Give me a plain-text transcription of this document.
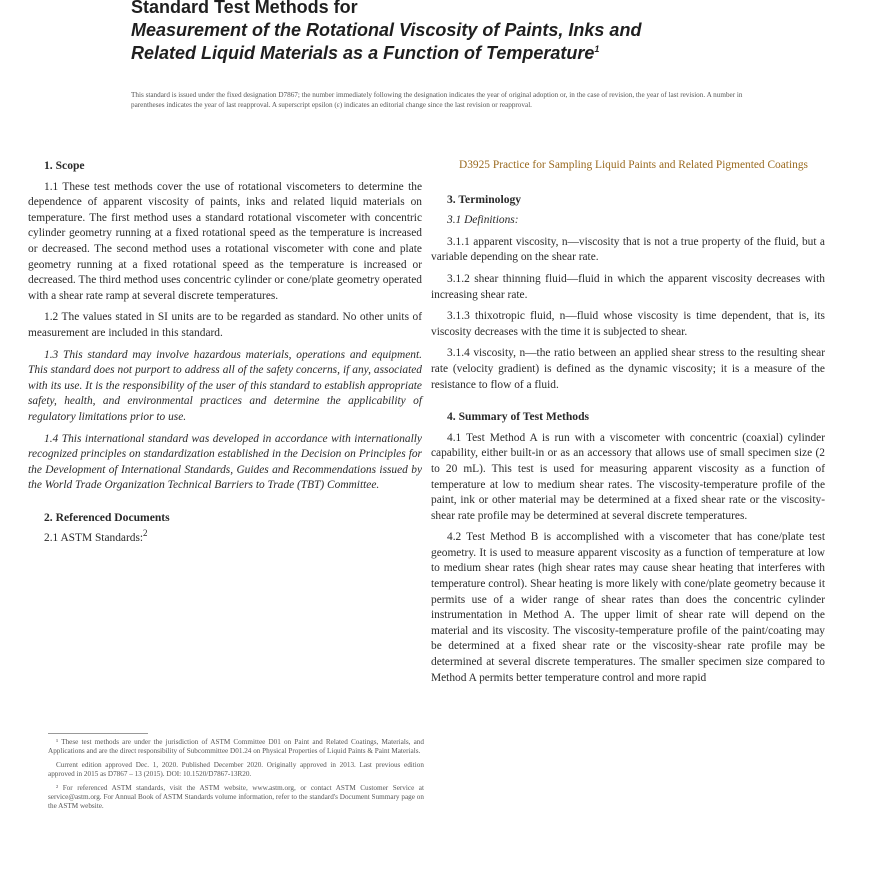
Standard Test Methods for
Measurement of the Rotational Viscosity of Paints, Inks and
Related Liquid Materials as a Function of Temperature$^1$
This standard is issued under the fixed designation D7867; the number immediately following the designation indicates the year of original adoption or, in the case of revision, the year of last revision. A number in parentheses indicates the year of last reapproval. A superscript epsilon (ε) indicates an editorial change since the last revision or reapproval.
1. Scope

1.1 These test methods cover the use of rotational viscometers to determine the dependence of apparent viscosity of paints, inks and related liquid materials on temperature. The first method uses a standard rotational viscometer with concentric cylinder geometry running at a fixed rotational speed as the temperature is increased or decreased. The second method uses a rotational viscometer with cone and plate geometry running at a fixed rotational speed as the temperature is increased or decreased. The third method uses concentric cylinder or cone/plate geometry operated with a shear rate ramp at several discrete temperatures.

1.2 The values stated in SI units are to be regarded as standard. No other units of measurement are included in this standard.

1.3 This standard may involve hazardous materials, operations and equipment. This standard does not purport to address all of the safety concerns, if any, associated with its use. It is the responsibility of the user of this standard to establish appropriate safety, health, and environmental practices and determine the applicability of regulatory limitations prior to use.

1.4 This international standard was developed in accordance with internationally recognized principles on standardization established in the Decision on Principles for the Development of International Standards, Guides and Recommendations issued by the World Trade Organization Technical Barriers to Trade (TBT) Committee.

2. Referenced Documents

2.1 ASTM Standards:$^2$

¹ These test methods are under the jurisdiction of ASTM Committee D01 on Paint and Related Coatings, Materials, and Applications and are the direct responsibility of Subcommittee D01.24 on Physical Properties of Liquid Paints & Paint Materials.

Current edition approved Dec. 1, 2020. Published December 2020. Originally approved in 2013. Last previous edition approved in 2015 as D7867 – 13 (2015). DOI: 10.1520/D7867-13R20.

² For referenced ASTM standards, visit the ASTM website, www.astm.org, or contact ASTM Customer Service at service@astm.org. For Annual Book of ASTM Standards volume information, refer to the standard's Document Summary page on the ASTM website.

D3925 Practice for Sampling Liquid Paints and Related Pigmented Coatings

3. Terminology

3.1 Definitions:

3.1.1 apparent viscosity, n—viscosity that is not a true property of the fluid, but a variable depending on the shear rate.

3.1.2 shear thinning fluid—fluid in which the apparent viscosity decreases with increasing shear rate.

3.1.3 thixotropic fluid, n—fluid whose viscosity is time dependent, that is, its viscosity decreases with the time it is subjected to shear.

3.1.4 viscosity, n—the ratio between an applied shear stress to the resulting shear rate (velocity gradient) is defined as the dynamic viscosity; it is a measure of the resistance to flow of a fluid.

4. Summary of Test Methods

4.1 Test Method A is run with a viscometer with concentric (coaxial) cylinder capability, either built-in or as an accessory that allows use of small specimen size (2 to 20 mL). This test is used for measuring apparent viscosity as a function of temperature at low to medium shear rates. The viscosity-temperature profile of the paint, ink or other material may be determined at a fixed shear rate or the viscosity-shear rate profile may be determined at several discrete temperatures.

4.2 Test Method B is accomplished with a viscometer that has cone/plate test geometry. It is used to measure apparent viscosity as a function of temperature at low to medium shear rates (high shear rates may cause shear heating that interferes with temperature control). Shear heating is more likely with cone/plate geometry because it permits use of a wider range of shear rates than does the concentric cylinder instrumentation in Method A. The upper limit of shear rate will depend on the material and its viscosity. The viscosity-temperature profile of the paint/coating may be determined at a fixed shear rate or the viscosity-shear rate profile may be determined at several discrete temperatures. The smaller specimen size compared to Method A permits better temperature control and more rapid
